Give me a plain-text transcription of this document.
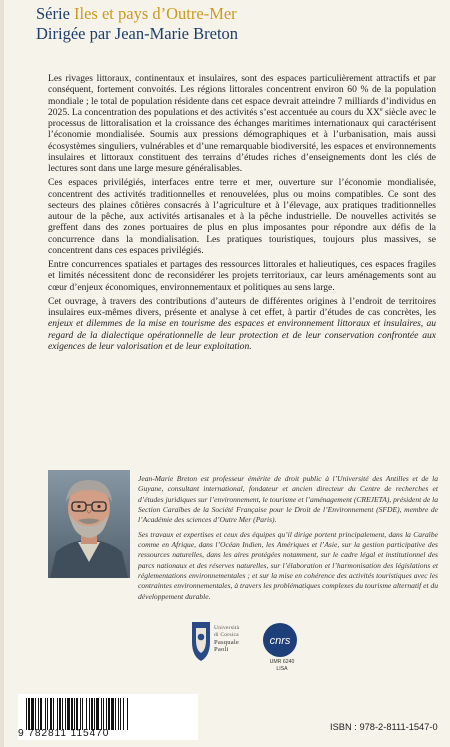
Série Iles et pays d’Outre-Mer
Dirigée par Jean-Marie Breton

Les rivages littoraux, continentaux et insulaires, sont des espaces particulièrement attractifs et par conséquent, fortement convoités. Les régions littorales concentrent environ 60 % de la population mondiale ; le total de population résidente dans cet espace devrait atteindre 7 milliards d’individus en 2025. La concentration des populations et des activités s’est accentuée au cours du XXe siècle avec le processus de littoralisation et la croissance des échanges maritimes internationaux qui caractérisent l’économie mondialisée. Soumis aux pressions démographiques et à l’urbanisation, mais aussi écosystèmes singuliers, vulnérables et d’une remarquable biodiversité, les espaces et environnements insulaires et littoraux constituent des terrains d’études riches d’enseignements dont les clés de lectures sont dans une large mesure généralisables.

Ces espaces privilégiés, interfaces entre terre et mer, ouverture sur l’économie mondialisée, concentrent des activités traditionnelles et renouvelées, plus ou moins compatibles. Ce sont des secteurs des plaines côtières consacrés à l’agriculture et à l’élevage, aux pratiques traditionnelles autour de la pêche, aux activités artisanales et à la pêche industrielle. De nouvelles activités se greffent dans des zones portuaires de plus en plus imposantes pour répondre aux défis de la concurrence dans la mondialisation. Les pratiques touristiques, toujours plus massives, se concentrent dans ces espaces privilégiés.

Entre concurrences spatiales et partages des ressources littorales et halieutiques, ces espaces fragiles et limités nécessitent donc de reconsidérer les projets territoriaux, car leurs aménagements sont au cœur d’enjeux économiques, environnementaux et politiques au sens large.

Cet ouvrage, à travers des contributions d’auteurs de différentes origines à l’endroit de territoires insulaires eux-mêmes divers, présente et analyse à cet effet, à partir d’études de cas concrètes, les enjeux et dilemmes de la mise en tourisme des espaces et environnement littoraux et insulaires, au regard de la dialectique opérationnelle de leur protection et de leur conservation confrontée aux exigences de leur valorisation et de leur exploitation.

Jean-Marie Breton est professeur émérite de droit public à l’Université des Antilles et de la Guyane, consultant international, fondateur et ancien directeur du Centre de recherches et d’études juridiques sur l’environnement, le tourisme et l’aménagement (CREJETA), président de la Section Caraïbes de la Société Française pour le Droit de l’Environnement (SFDE), membre de l’Académie des sciences d’Outre Mer (Paris).

Ses travaux et expertises et ceux des équipes qu’il dirige portent principalement, dans la Caraïbe comme en Afrique, dans l’Océan Indien, les Amériques et l’Asie, sur la gestion participative des ressources naturelles, dans les aires protégées notamment, sur le cadre légal et institutionnel des parcs nationaux et des réserves naturelles, sur l’élaboration et l’harmonisation des législations et réglementations environnementales ; et sur la mise en cohérence des activités touristiques avec les contraintes environnementales, à travers les problématiques complexes du tourisme alternatif et du développement durable.

Università
di Corsica
Pasquale
Paoli
cnrs
UMR 6240
LISA
9 782811 115470
ISBN : 978-2-8111-1547-0
